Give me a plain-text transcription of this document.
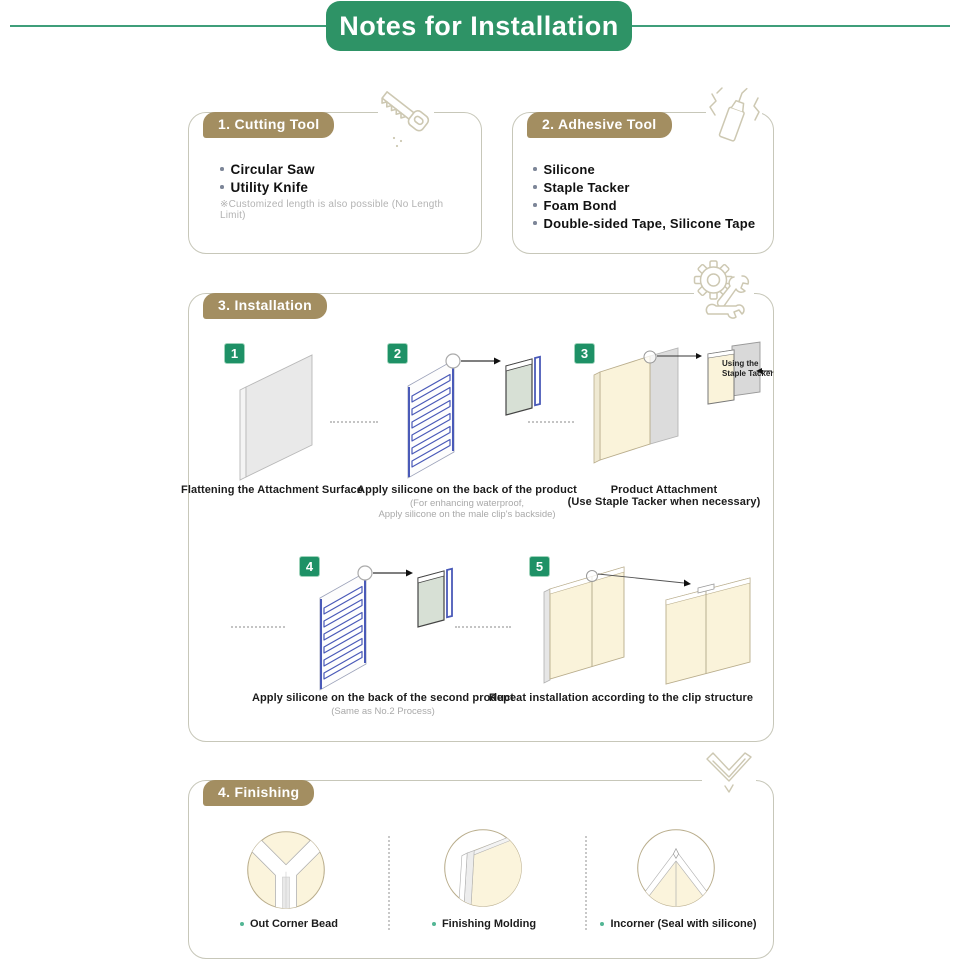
Notes for Installation
1. Cutting Tool
Circular Saw
Utility Knife
※Customized length is also possible (No Length Limit)
2. Adhesive Tool
Silicone
Staple Tacker
Foam Bond
Double-sided Tape, Silicone Tape
3. Installation
1
Flattening the Attachment Surface
2
Apply silicone on the back of the product
(For enhancing waterproof,
Apply silicone on the male clip's backside)
3
Using the
Staple Tacker
Product Attachment
(Use Staple Tacker when necessary)
4
Apply silicone on the back of the second product
(Same as No.2 Process)
5
Repeat installation according to the clip structure
4. Finishing
Out Corner Bead	Finishing Molding	Incorner (Seal with silicone)
